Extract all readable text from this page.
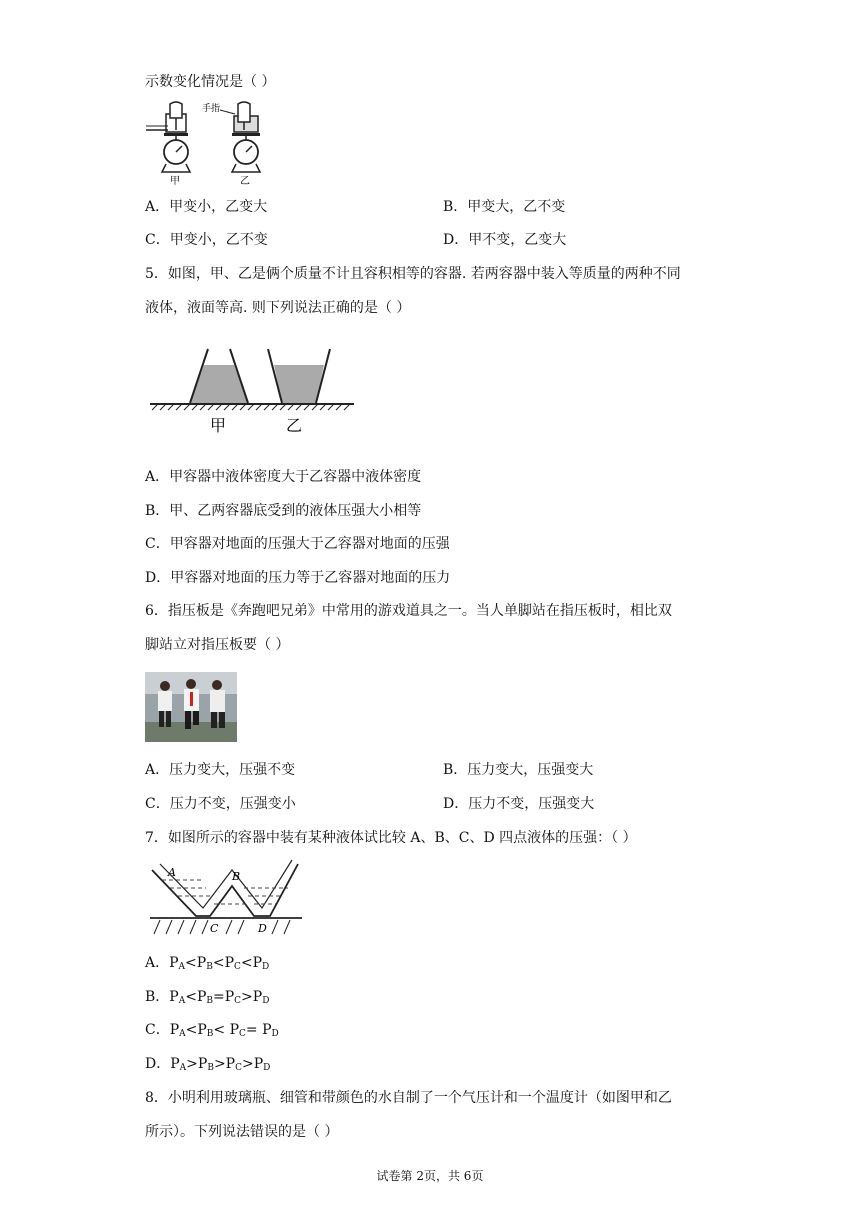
示数变化情况是（ ）
手指
甲	乙
A．甲变小，乙变大	B．甲变大，乙不变
C．甲变小，乙不变	D．甲不变，乙变大
5．如图，甲、乙是俩个质量不计且容积相等的容器. 若两容器中装入等质量的两种不同
液体，液面等高. 则下列说法正确的是（ ）
甲	乙
A．甲容器中液体密度大于乙容器中液体密度
B．甲、乙两容器底受到的液体压强大小相等
C．甲容器对地面的压强大于乙容器对地面的压强
D．甲容器对地面的压力等于乙容器对地面的压力
6．指压板是《奔跑吧兄弟》中常用的游戏道具之一。当人单脚站在指压板时，相比双
脚站立对指压板要（ ）
A．压力变大，压强不变	B．压力变大，压强变大
C．压力不变，压强变小	D．压力不变，压强变大
7．如图所示的容器中装有某种液体试比较 A、B、C、D 四点液体的压强：（ ）
A	B
C	D
A．$P_A<P_B<P_C<P_D$
B．$P_A<P_B=P_C>P_D$
C．$P_A<P_B< P_C= P_D$
D．$P_A>P_B>P_C>P_D$
8．小明利用玻璃瓶、细管和带颜色的水自制了一个气压计和一个温度计（如图甲和乙
所示）。下列说法错误的是（ ）
试卷第 2页，共 6页
